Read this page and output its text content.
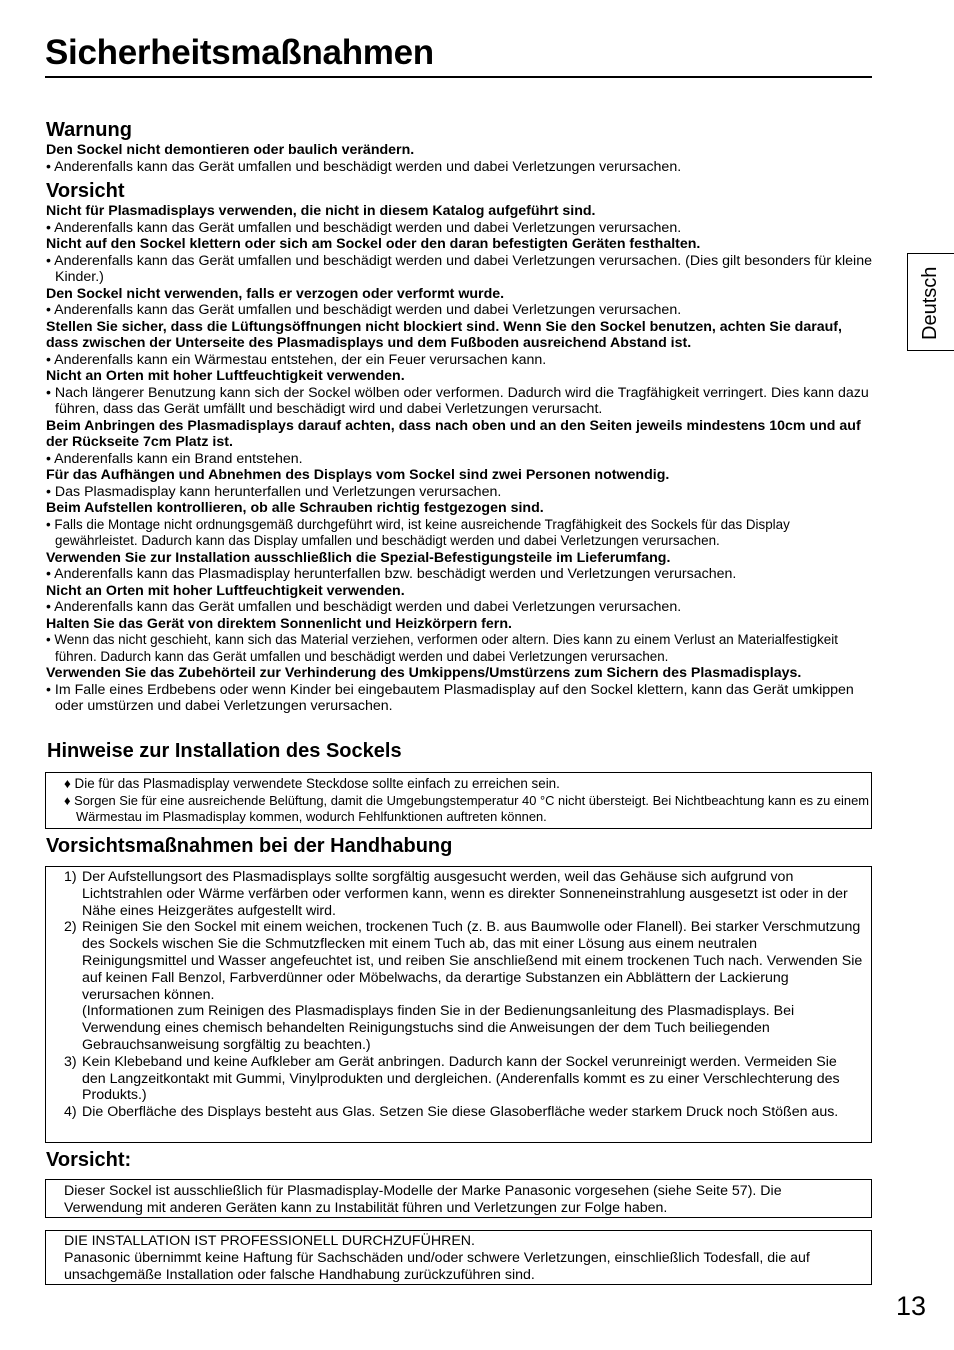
Sicherheitsmaßnahmen
Deutsch
Warnung

Den Sockel nicht demontieren oder baulich verändern.

• Anderenfalls kann das Gerät umfallen und beschädigt werden und dabei Verletzungen verursachen.

Vorsicht

Nicht für Plasmadisplays verwenden, die nicht in diesem Katalog aufgeführt sind.

• Anderenfalls kann das Gerät umfallen und beschädigt werden und dabei Verletzungen verursachen.

Nicht auf den Sockel klettern oder sich am Sockel oder den daran befestigten Geräten festhalten.

• Anderenfalls kann das Gerät umfallen und beschädigt werden und dabei Verletzungen verursachen. (Dies gilt besonders für kleine Kinder.)

Den Sockel nicht verwenden, falls er verzogen oder verformt wurde.

• Anderenfalls kann das Gerät umfallen und beschädigt werden und dabei Verletzungen verursachen.

Stellen Sie sicher, dass die Lüftungsöffnungen nicht blockiert sind. Wenn Sie den Sockel benutzen, achten Sie darauf, dass zwischen der Unterseite des Plasmadisplays und dem Fußboden ausreichend Abstand ist.

• Anderenfalls kann ein Wärmestau entstehen, der ein Feuer verursachen kann.

Nicht an Orten mit hoher Luftfeuchtigkeit verwenden.

• Nach längerer Benutzung kann sich der Sockel wölben oder verformen. Dadurch wird die Tragfähigkeit verringert. Dies kann dazu führen, dass das Gerät umfällt und beschädigt wird und dabei Verletzungen verursacht.

Beim Anbringen des Plasmadisplays darauf achten, dass nach oben und an den Seiten jeweils mindestens 10cm und auf der Rückseite 7cm Platz ist.

• Anderenfalls kann ein Brand entstehen.

Für das Aufhängen und Abnehmen des Displays vom Sockel sind zwei Personen notwendig.

• Das Plasmadisplay kann herunterfallen und Verletzungen verursachen.

Beim Aufstellen kontrollieren, ob alle Schrauben richtig festgezogen sind.

• Falls die Montage nicht ordnungsgemäß durchgeführt wird, ist keine ausreichende Tragfähigkeit des Sockels für das Display gewährleistet. Dadurch kann das Display umfallen und beschädigt werden und dabei Verletzungen verursachen.

Verwenden Sie zur Installation ausschließlich die Spezial-Befestigungsteile im Lieferumfang.

• Anderenfalls kann das Plasmadisplay herunterfallen bzw. beschädigt werden und Verletzungen verursachen.

Nicht an Orten mit hoher Luftfeuchtigkeit verwenden.

• Anderenfalls kann das Gerät umfallen und beschädigt werden und dabei Verletzungen verursachen.

Halten Sie das Gerät von direktem Sonnenlicht und Heizkörpern fern.

• Wenn das nicht geschieht, kann sich das Material verziehen, verformen oder altern. Dies kann zu einem Verlust an Materialfestigkeit führen. Dadurch kann das Gerät umfallen und beschädigt werden und dabei Verletzungen verursachen.

Verwenden Sie das Zubehörteil zur Verhinderung des Umkippens/Umstürzens zum Sichern des Plasmadisplays.

• Im Falle eines Erdbebens oder wenn Kinder bei eingebautem Plasmadisplay auf den Sockel klettern, kann das Gerät umkippen oder umstürzen und dabei Verletzungen verursachen.

Hinweise zur Installation des Sockels

♦ Die für das Plasmadisplay verwendete Steckdose sollte einfach zu erreichen sein.

♦ Sorgen Sie für eine ausreichende Belüftung, damit die Umgebungstemperatur 40 °C nicht übersteigt. Bei Nichtbeachtung kann es zu einem Wärmestau im Plasmadisplay kommen, wodurch Fehlfunktionen auftreten können.

Vorsichtsmaßnahmen bei der Handhabung
1) Der Aufstellungsort des Plasmadisplays sollte sorgfältig ausgesucht werden, weil das Gehäuse sich aufgrund von Lichtstrahlen oder Wärme verfärben oder verformen kann, wenn es direkter Sonneneinstrahlung ausgesetzt ist oder in der Nähe eines Heizgerätes aufgestellt wird.
2) Reinigen Sie den Sockel mit einem weichen, trockenen Tuch (z. B. aus Baumwolle oder Flanell). Bei starker Verschmutzung des Sockels wischen Sie die Schmutzflecken mit einem Tuch ab, das mit einer Lösung aus einem neutralen Reinigungsmittel und Wasser angefeuchtet ist, und reiben Sie anschließend mit einem trockenen Tuch nach. Verwenden Sie auf keinen Fall Benzol, Farbverdünner oder Möbelwachs, da derartige Substanzen ein Abblättern der Lackierung verursachen können.
(Informationen zum Reinigen des Plasmadisplays finden Sie in der Bedienungsanleitung des Plasmadisplays. Bei Verwendung eines chemisch behandelten Reinigungstuchs sind die Anweisungen der dem Tuch beiliegenden Gebrauchsanweisung sorgfältig zu beachten.)
3) Kein Klebeband und keine Aufkleber am Gerät anbringen. Dadurch kann der Sockel verunreinigt werden. Vermeiden Sie den Langzeitkontakt mit Gummi, Vinylprodukten und dergleichen. (Anderenfalls kommt es zu einer Verschlechterung des Produkts.)
4) Die Oberfläche des Displays besteht aus Glas. Setzen Sie diese Glasoberfläche weder starkem Druck noch Stößen aus.
Vorsicht:

Dieser Sockel ist ausschließlich für Plasmadisplay-Modelle der Marke Panasonic vorgesehen (siehe Seite 57). Die Verwendung mit anderen Geräten kann zu Instabilität führen und Verletzungen zur Folge haben.

DIE INSTALLATION IST PROFESSIONELL DURCHZUFÜHREN.

Panasonic übernimmt keine Haftung für Sachschäden und/oder schwere Verletzungen, einschließlich Todesfall, die auf unsachgemäße Installation oder falsche Handhabung zurückzuführen sind.

13
